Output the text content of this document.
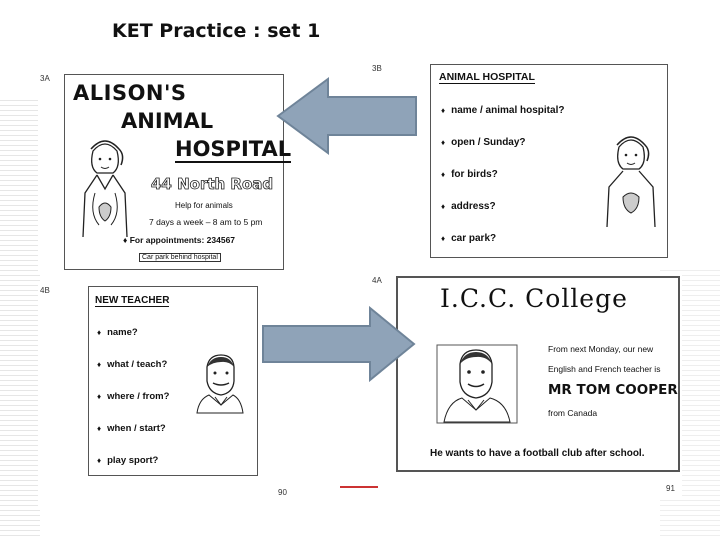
KET Practice : set 1
3A
ALISON'S
ANIMAL
HOSPITAL
44 North Road
Help for animals
7 days a week – 8 am to 5 pm
♦ For appointments: 234567
Car park behind hospital
3B
ANIMAL HOSPITAL
♦ name / animal hospital?
♦ open / Sunday?
♦ for birds?
♦ address?
♦ car park?
4B
NEW TEACHER
♦ name?
♦ what / teach?
♦ where / from?
♦ when / start?
♦ play sport?
90
4A
I.C.C. College
From next Monday, our new
English and French teacher is
MR TOM COOPER
from Canada
He wants to have a football club after school.
91
